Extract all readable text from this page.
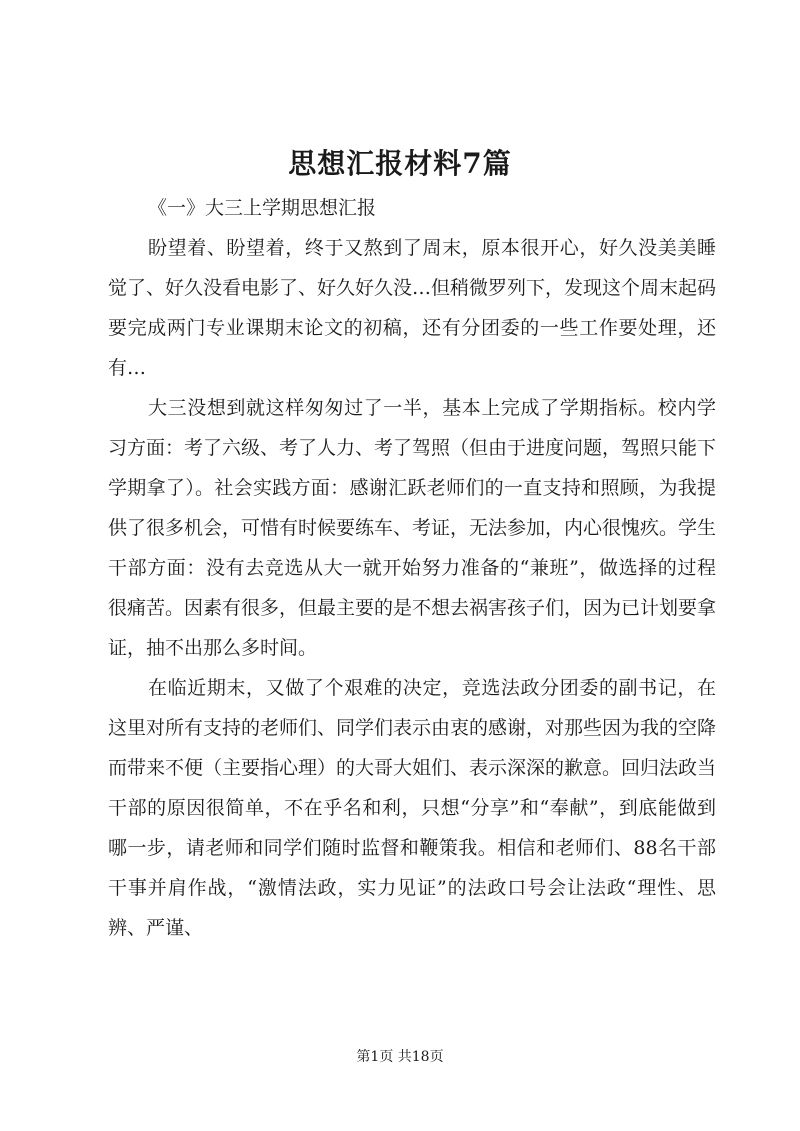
思想汇报材料7篇

《一》大三上学期思想汇报

盼望着、盼望着，终于又熬到了周末，原本很开心，好久没美美睡觉了、好久没看电影了、好久好久没…但稍微罗列下，发现这个周末起码要完成两门专业课期末论文的初稿，还有分团委的一些工作要处理，还有…

大三没想到就这样匆匆过了一半，基本上完成了学期指标。校内学习方面：考了六级、考了人力、考了驾照（但由于进度问题，驾照只能下学期拿了）。社会实践方面：感谢汇跃老师们的一直支持和照顾，为我提供了很多机会，可惜有时候要练车、考证，无法参加，内心很愧疚。学生干部方面：没有去竞选从大一就开始努力准备的“兼班”，做选择的过程很痛苦。因素有很多，但最主要的是不想去祸害孩子们，因为已计划要拿证，抽不出那么多时间。

在临近期末，又做了个艰难的决定，竞选法政分团委的副书记，在这里对所有支持的老师们、同学们表示由衷的感谢，对那些因为我的空降而带来不便（主要指心理）的大哥大姐们、表示深深的歉意。回归法政当干部的原因很简单，不在乎名和利，只想“分享”和“奉献”，到底能做到哪一步，请老师和同学们随时监督和鞭策我。相信和老师们、88名干部干事并肩作战，“激情法政，实力见证”的法政口号会让法政“理性、思辨、严谨、

第1页 共18页
